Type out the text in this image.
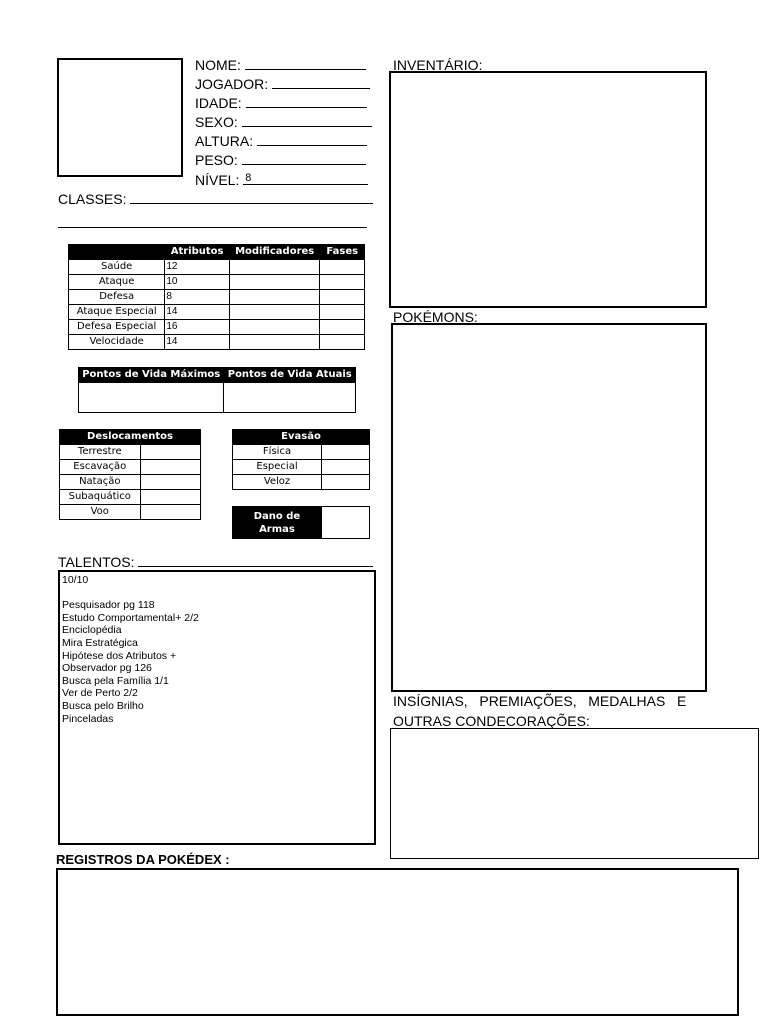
NOME:
JOGADOR:
IDADE:
SEXO:
ALTURA:
PESO:
NÍVEL: 8
CLASSES:
	Atributos	Modificadores	Fases
Saúde	12		
Ataque	10		
Defesa	8		
Ataque Especial	14		
Defesa Especial	16		
Velocidade	14		
Pontos de Vida Máximos	Pontos de Vida Atuais

Deslocamentos	
Terrestre	
Escavação	
Natação	
Subaquático	
Voo	
Evasão	
Física	
Especial	
Veloz	
Dano de
Armas	
TALENTOS:
10/10
Pesquisador pg 118
Estudo Comportamental+ 2/2
Enciclopédia
Mira Estratégica
Hipótese dos Atributos +
Observador pg 126
Busca pela Família 1/1
Ver de Perto 2/2
Busca pelo Brilho
Pinceladas
INVENTÁRIO:
POKÉMONS:
INSÍGNIAS,   PREMIAÇÕES,   MEDALHAS   E
OUTRAS CONDECORAÇÕES:
REGISTROS DA POKÉDEX :
